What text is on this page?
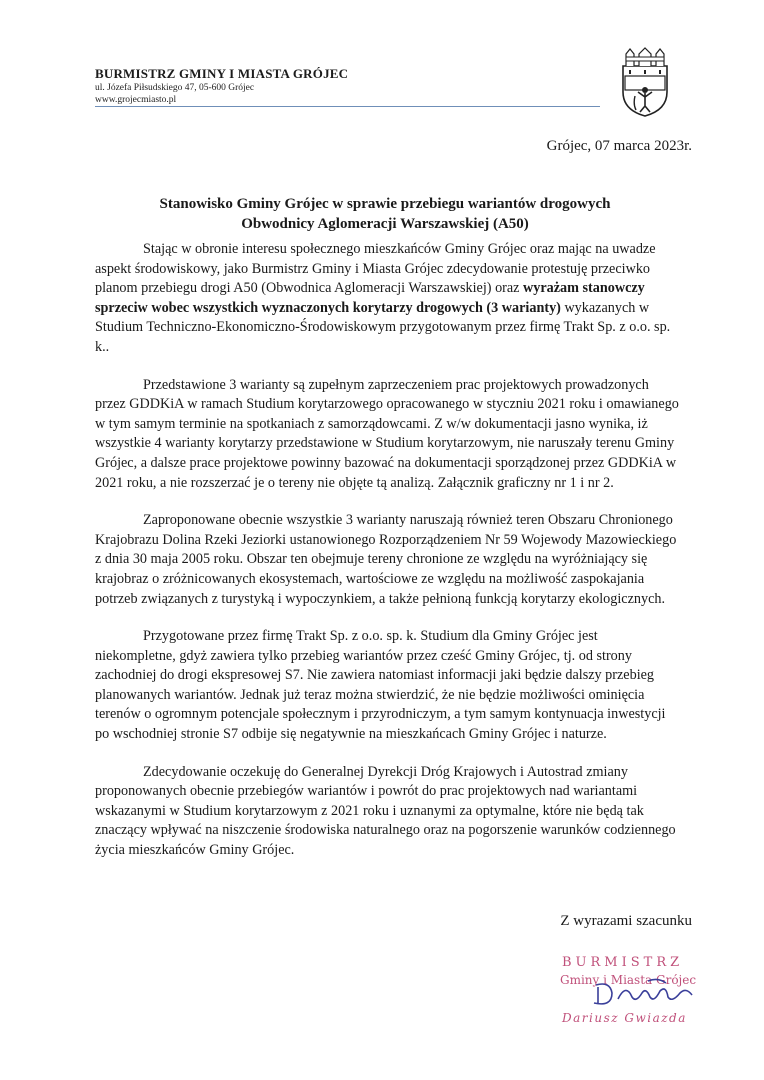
BURMISTRZ GMINY I MIASTA GRÓJEC
ul. Józefa Piłsudskiego 47, 05-600 Grójec
www.grojecmiasto.pl
Grójec, 07 marca 2023r.
Stanowisko Gminy Grójec w sprawie przebiegu wariantów drogowych
Obwodnicy Aglomeracji Warszawskiej (A50)

Stając w obronie interesu społecznego mieszkańców Gminy Grójec oraz mając na uwadze aspekt środowiskowy, jako Burmistrz Gminy i Miasta Grójec zdecydowanie protestuję przeciwko planom przebiegu drogi A50 (Obwodnica Aglomeracji Warszawskiej) oraz wyrażam stanowczy sprzeciw wobec wszystkich wyznaczonych korytarzy drogowych (3 warianty) wykazanych w Studium Techniczno-Ekonomiczno-Środowiskowym przygotowanym przez firmę Trakt Sp. z o.o. sp. k..

Przedstawione 3 warianty są zupełnym zaprzeczeniem prac projektowych prowadzonych przez GDDKiA w ramach Studium korytarzowego opracowanego w styczniu 2021 roku i omawianego w tym samym terminie na spotkaniach z samorządowcami. Z w/w dokumentacji jasno wynika, iż wszystkie 4 warianty korytarzy przedstawione w Studium korytarzowym, nie naruszały terenu Gminy Grójec, a dalsze prace projektowe powinny bazować na dokumentacji sporządzonej przez GDDKiA w 2021 roku, a nie rozszerzać je o tereny nie objęte tą analizą. Załącznik graficzny nr 1 i nr 2.

Zaproponowane obecnie wszystkie 3 warianty naruszają również teren Obszaru Chronionego Krajobrazu Dolina Rzeki Jeziorki ustanowionego Rozporządzeniem Nr 59 Wojewody Mazowieckiego z dnia 30 maja 2005 roku. Obszar ten obejmuje tereny chronione ze względu na wyróżniający się krajobraz o zróżnicowanych ekosystemach, wartościowe ze względu na możliwość zaspokajania potrzeb związanych z turystyką i wypoczynkiem, a także pełnioną funkcją korytarzy ekologicznych.

Przygotowane przez firmę Trakt Sp. z o.o. sp. k. Studium dla Gminy Grójec jest niekompletne, gdyż zawiera tylko przebieg wariantów przez cześć Gminy Grójec, tj. od strony zachodniej do drogi ekspresowej S7. Nie zawiera natomiast informacji jaki będzie dalszy przebieg planowanych wariantów. Jednak już teraz można stwierdzić, że nie będzie możliwości ominięcia terenów o ogromnym potencjale społecznym i przyrodniczym, a tym samym kontynuacja inwestycji po wschodniej stronie S7 odbije się negatywnie na mieszkańcach Gminy Grójec i naturze.

Zdecydowanie oczekuję do Generalnej Dyrekcji Dróg Krajowych i Autostrad zmiany proponowanych obecnie przebiegów wariantów i powrót do prac projektowych nad wariantami wskazanymi w Studium korytarzowym z 2021 roku i uznanymi za optymalne, które nie będą tak znaczący wpływać na niszczenie środowiska naturalnego oraz na pogorszenie warunków codziennego życia mieszkańców Gminy Grójec.

Z wyrazami szacunku
BURMISTRZ
Gminy i Miasta Grójec
Dariusz Gwiazda
